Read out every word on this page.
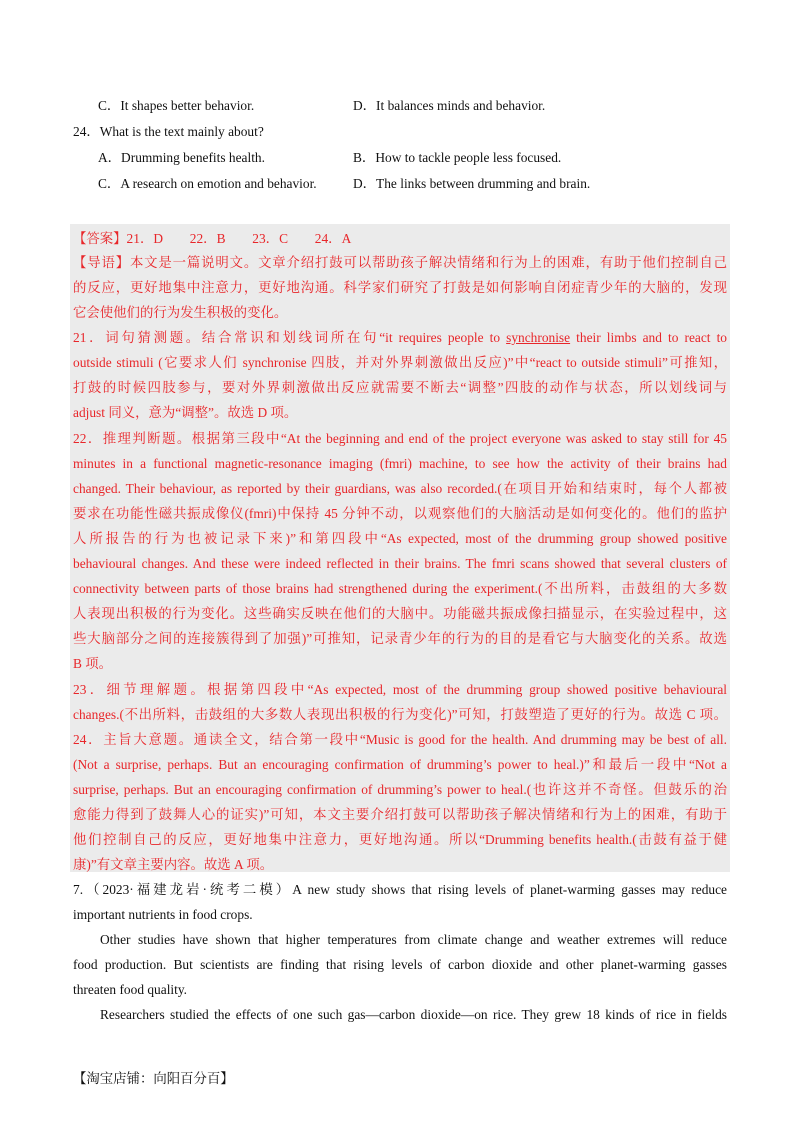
C．It shapes better behavior.	D．It balances minds and behavior.
24．What is the text mainly about?
A．Drumming benefits health.	B．How to tackle people less focused.
C．A research on emotion and behavior.	D．The links between drumming and brain.
【答案】21．D　　22．B　　23．C　　24．A
【导语】本文是一篇说明文。文章介绍打鼓可以帮助孩子解决情绪和行为上的困难，有助于他们控制自己
的反应，更好地集中注意力，更好地沟通。科学家们研究了打鼓是如何影响自闭症青少年的大脑的，发现
它会使他们的行为发生积极的变化。
21．词句猜测题。结合常识和划线词所在句“it requires people to synchronise their limbs and to react to
outside stimuli (它要求人们 synchronise 四肢，并对外界刺激做出反应)”中“react to outside stimuli”可推知，
打鼓的时候四肢参与，要对外界刺激做出反应就需要不断去“调整”四肢的动作与状态，所以划线词与
adjust 同义，意为“调整”。故选 D 项。
22．推理判断题。根据第三段中“At the beginning and end of the project everyone was asked to stay still for 45
minutes in a functional magnetic-resonance imaging (fmri) machine, to see how the activity of their brains had
changed. Their behaviour, as reported by their guardians, was also recorded.(在项目开始和结束时，每个人都被
要求在功能性磁共振成像仪(fmri)中保持 45 分钟不动，以观察他们的大脑活动是如何变化的。他们的监护
人所报告的行为也被记录下来)”和第四段中“As expected, most of the drumming group showed positive
behavioural changes. And these were indeed reflected in their brains. The fmri scans showed that several clusters of
connectivity between parts of those brains had strengthened during the experiment.(不出所料，击鼓组的大多数
人表现出积极的行为变化。这些确实反映在他们的大脑中。功能磁共振成像扫描显示，在实验过程中，这
些大脑部分之间的连接簇得到了加强)”可推知，记录青少年的行为的目的是看它与大脑变化的关系。故选
B 项。
23．细节理解题。根据第四段中“As expected, most of the drumming group showed positive behavioural
changes.(不出所料，击鼓组的大多数人表现出积极的行为变化)”可知，打鼓塑造了更好的行为。故选 C 项。
24．主旨大意题。通读全文，结合第一段中“Music is good for the health. And drumming may be best of all.
(Not a surprise, perhaps. But an encouraging confirmation of drumming’s power to heal.)”和最后一段中“Not a
surprise, perhaps. But an encouraging confirmation of drumming’s power to heal.(也许这并不奇怪。但鼓乐的治
愈能力得到了鼓舞人心的证实)”可知，本文主要介绍打鼓可以帮助孩子解决情绪和行为上的困难，有助于
他们控制自己的反应，更好地集中注意力，更好地沟通。所以“Drumming benefits health.(击鼓有益于健
康)”有文章主要内容。故选 A 项。
7.（2023·福建龙岩·统考二模）A new study shows that rising levels of planet-warming gasses may reduce
important nutrients in food crops.
Other studies have shown that higher temperatures from climate change and weather extremes will reduce
food production. But scientists are finding that rising levels of carbon dioxide and other planet-warming gasses
threaten food quality.
Researchers studied the effects of one such gas—carbon dioxide—on rice. They grew 18 kinds of rice in fields
【淘宝店铺：向阳百分百】
